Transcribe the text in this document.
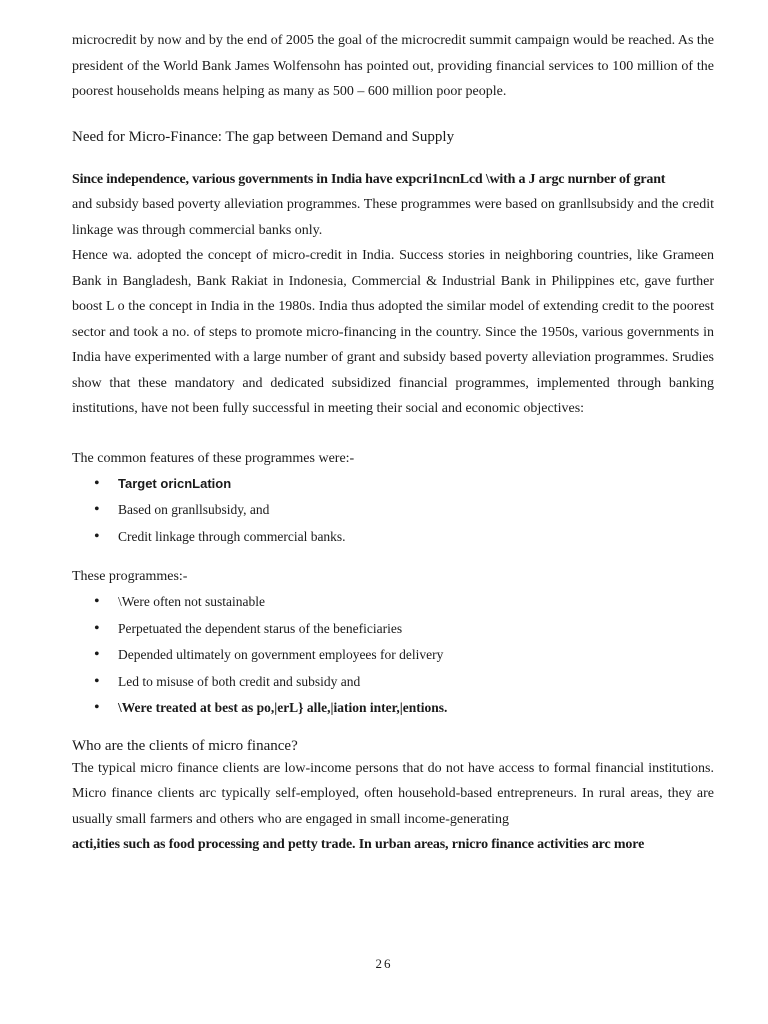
microcredit by now and by the end of 2005 the goal of the microcredit summit campaign would be reached. As the president of the World Bank James Wolfensohn has pointed out, providing financial services to 100 million of the poorest households means helping as many as 500 – 600 million poor people.

Need for Micro-Finance: The gap between Demand and Supply

Since independence, various governments in India have expcri1ncnLcd \with a J argc nurnber of grant

and subsidy based poverty alleviation programmes. These programmes were based on granllsubsidy and the credit linkage was through commercial banks only.

Hence wa. adopted the concept of micro-credit in India. Success stories in neighboring countries, like Grameen Bank in Bangladesh, Bank Rakiat in Indonesia, Commercial & Industrial Bank in Philippines etc, gave further boost L o the concept in India in the 1980s. India thus adopted the similar model of extending credit to the poorest sector and took a no. of steps to promote micro-financing in the country. Since the 1950s, various governments in India have experimented with a large number of grant and subsidy based poverty alleviation programmes. Srudies show that these mandatory and dedicated subsidized financial programmes, implemented through banking institutions, have not been fully successful in meeting their social and economic objectives:

The common features of these programmes were:-

• Target oricnLation
• Based on granllsubsidy, and
• Credit linkage through commercial banks.

These programmes:-

• \Were often not sustainable
• Perpetuated the dependent starus of the beneficiaries
• Depended ultimately on government employees for delivery
• Led to misuse of both credit and subsidy and
• \Were treated at best as po,|erL} alle,|iation inter,|entions.

Who are the clients of micro finance?

The typical micro finance clients are low-income persons that do not have access to formal financial institutions. Micro finance clients arc typically self-employed, often household-based entrepreneurs. In rural areas, they are usually small farmers and others who are engaged in small income-generating

acti,ities such as food processing and petty trade. In urban areas, rnicro finance activities arc more

26
